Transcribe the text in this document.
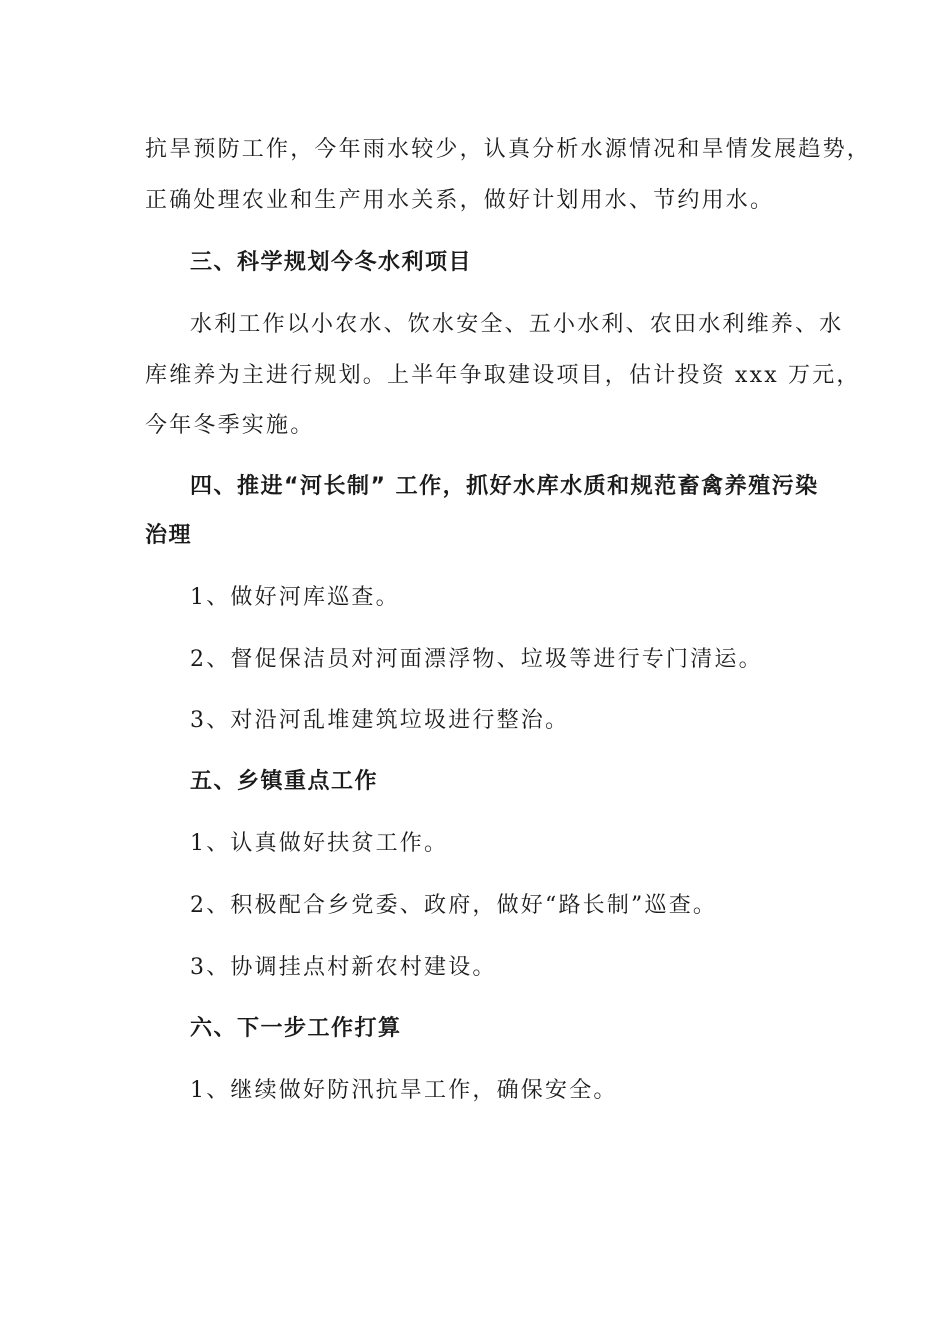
抗旱预防工作，今年雨水较少，认真分析水源情况和旱情发展趋势，
正确处理农业和生产用水关系，做好计划用水、节约用水。
三、科学规划今冬水利项目
水利工作以小农水、饮水安全、五小水利、农田水利维养、水
库维养为主进行规划。上半年争取建设项目，估计投资 xxx 万元，
今年冬季实施。
四、推进“河长制” 工作，抓好水库水质和规范畜禽养殖污染
治理
1、做好河库巡查。
2、督促保洁员对河面漂浮物、垃圾等进行专门清运。
3、对沿河乱堆建筑垃圾进行整治。
五、乡镇重点工作
1、认真做好扶贫工作。
2、积极配合乡党委、政府，做好“路长制”巡查。
3、协调挂点村新农村建设。
六、下一步工作打算
1、继续做好防汛抗旱工作，确保安全。
